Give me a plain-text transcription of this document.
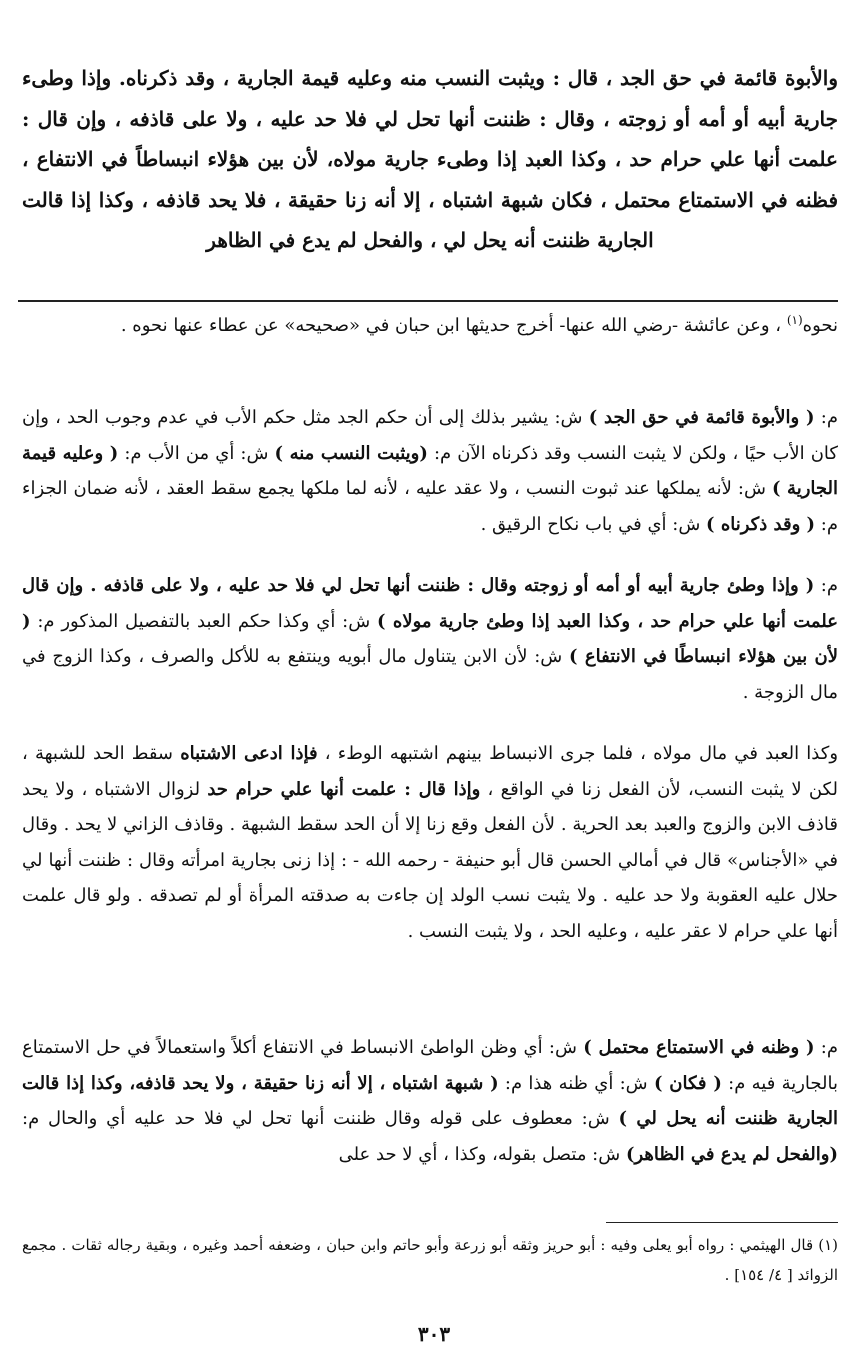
والأبوة قائمة في حق الجد ، قال : ويثبت النسب منه وعليه قيمة الجارية ، وقد ذكرناه. وإذا وطىء جارية أبيه أو أمه أو زوجته ، وقال : ظننت أنها تحل لي فلا حد عليه ، ولا على قاذفه ، وإن قال : علمت أنها علي حرام حد ، وكذا العبد إذا وطىء جارية مولاه، لأن بين هؤلاء انبساطاً في الانتفاع ، فظنه في الاستمتاع محتمل ، فكان شبهة اشتباه ، إلا أنه زنا حقيقة ، فلا يحد قاذفه ، وكذا إذا قالت الجارية ظننت أنه يحل لي ، والفحل لم يدع في الظاهر

نحوه$^{(١)}$ ، وعن عائشة -رضي الله عنها- أخرج حديثها ابن حبان في «صحيحه» عن عطاء عنها نحوه .

م: ( والأبوة قائمة في حق الجد ) ش: يشير بذلك إلى أن حكم الجد مثل حكم الأب في عدم وجوب الحد ، وإن كان الأب حيًا ، ولكن لا يثبت النسب وقد ذكرناه الآن م: (ويثبت النسب منه ) ش: أي من الأب م: ( وعليه قيمة الجارية ) ش: لأنه يملكها عند ثبوت النسب ، ولا عقد عليه ، لأنه لما ملكها يجمع سقط العقد ، لأنه ضمان الجزاء م: ( وقد ذكرناه ) ش: أي في باب نكاح الرقيق .

م: ( وإذا وطئ جارية أبيه أو أمه أو زوجته وقال : ظننت أنها تحل لي فلا حد عليه ، ولا على قاذفه . وإن قال علمت أنها علي حرام حد ، وكذا العبد إذا وطئ جارية مولاه ) ش: أي وكذا حكم العبد بالتفصيل المذكور م: ( لأن بين هؤلاء انبساطًا في الانتفاع ) ش: لأن الابن يتناول مال أبويه وينتفع به للأكل والصرف ، وكذا الزوج في مال الزوجة .

وكذا العبد في مال مولاه ، فلما جرى الانبساط بينهم اشتبهه الوطء ، فإذا ادعى الاشتباه سقط الحد للشبهة ، لكن لا يثبت النسب، لأن الفعل زنا في الواقع ، وإذا قال : علمت أنها علي حرام حد لزوال الاشتباه ، ولا يحد قاذف الابن والزوج والعبد بعد الحرية . لأن الفعل وقع زنا إلا أن الحد سقط الشبهة . وقاذف الزاني لا يحد . وقال في «الأجناس» قال في أمالي الحسن قال أبو حنيفة - رحمه الله - : إذا زنى بجارية امرأته وقال : ظننت أنها لي حلال عليه العقوبة ولا حد عليه . ولا يثبت نسب الولد إن جاءت به صدقته المرأة أو لم تصدقه . ولو قال علمت أنها علي حرام لا عقر عليه ، وعليه الحد ، ولا يثبت النسب .

م: ( وظنه في الاستمتاع محتمل ) ش: أي وظن الواطئ الانبساط في الانتفاع أكلاً واستعمالاً في حل الاستمتاع بالجارية فيه م: ( فكان ) ش: أي ظنه هذا م: ( شبهة اشتباه ، إلا أنه زنا حقيقة ، ولا يحد قاذفه، وكذا إذا قالت الجارية ظننت أنه يحل لي ) ش: معطوف على قوله وقال ظننت أنها تحل لي فلا حد عليه أي والحال م: (والفحل لم يدع في الظاهر) ش: متصل بقوله، وكذا ، أي لا حد على

(١) قال الهيثمي : رواه أبو يعلى وفيه : أبو حريز وثقه أبو زرعة وأبو حاتم وابن حبان ، وضعفه أحمد وغيره ، وبقية رجاله ثقات . مجمع الزوائد [ ٤/ ١٥٤] .

٣٠٣
